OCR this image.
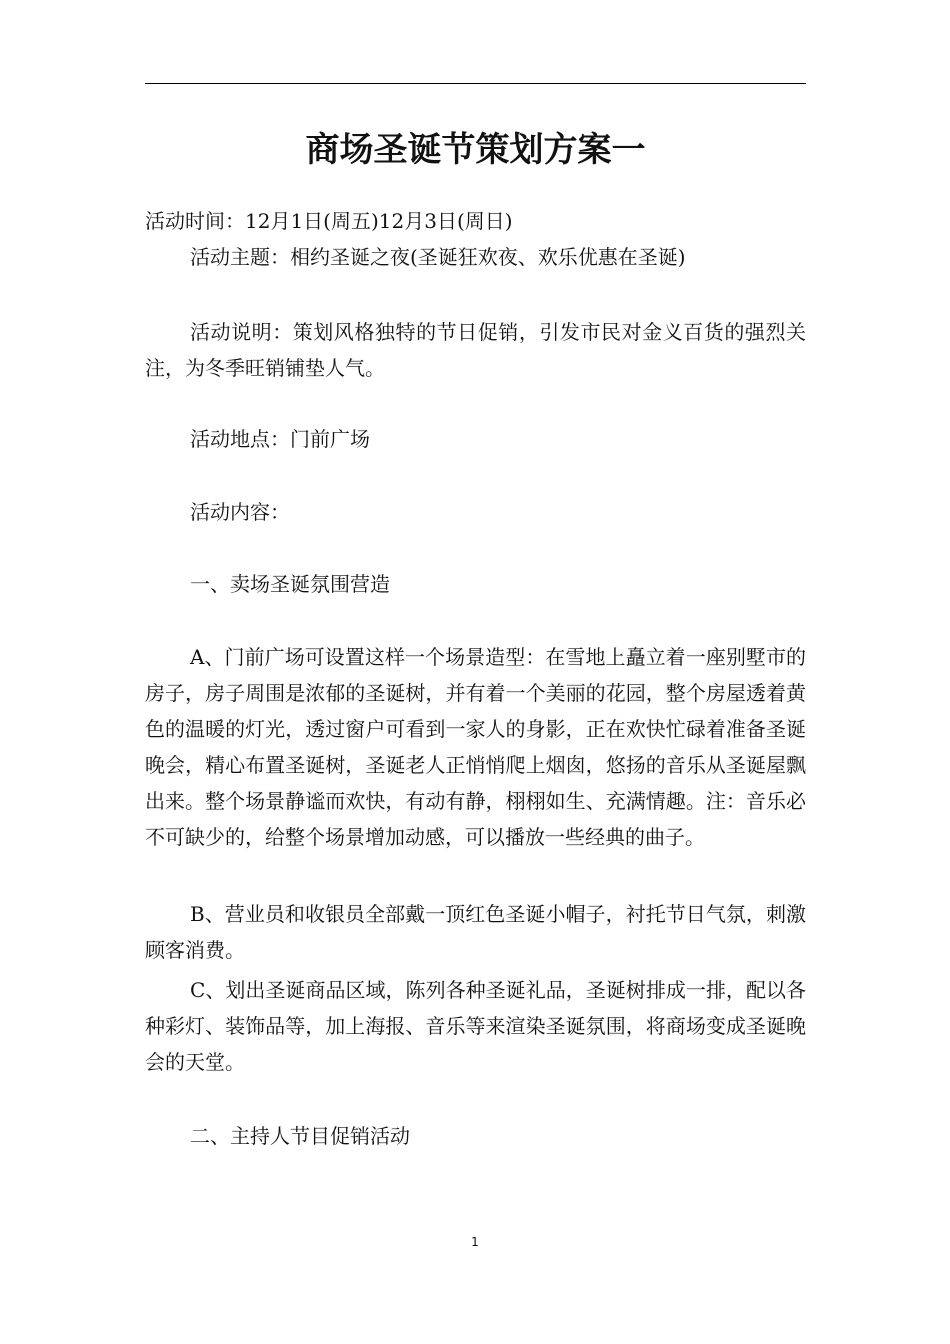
商场圣诞节策划方案一

活动时间：12月1日(周五)12月3日(周日)

活动主题：相约圣诞之夜(圣诞狂欢夜、欢乐优惠在圣诞)

活动说明：策划风格独特的节日促销，引发市民对金义百货的强烈关注，为冬季旺销铺垫人气。

活动地点：门前广场

活动内容：

一、卖场圣诞氛围营造

A、门前广场可设置这样一个场景造型：在雪地上矗立着一座别墅市的房子，房子周围是浓郁的圣诞树，并有着一个美丽的花园，整个房屋透着黄色的温暖的灯光，透过窗户可看到一家人的身影，正在欢快忙碌着准备圣诞晚会，精心布置圣诞树，圣诞老人正悄悄爬上烟囱，悠扬的音乐从圣诞屋飘出来。整个场景静谧而欢快，有动有静，栩栩如生、充满情趣。注：音乐必不可缺少的，给整个场景增加动感，可以播放一些经典的曲子。

B、营业员和收银员全部戴一顶红色圣诞小帽子，衬托节日气氛，刺激顾客消费。

C、划出圣诞商品区域，陈列各种圣诞礼品，圣诞树排成一排，配以各种彩灯、装饰品等，加上海报、音乐等来渲染圣诞氛围，将商场变成圣诞晚会的天堂。

二、主持人节目促销活动

1
